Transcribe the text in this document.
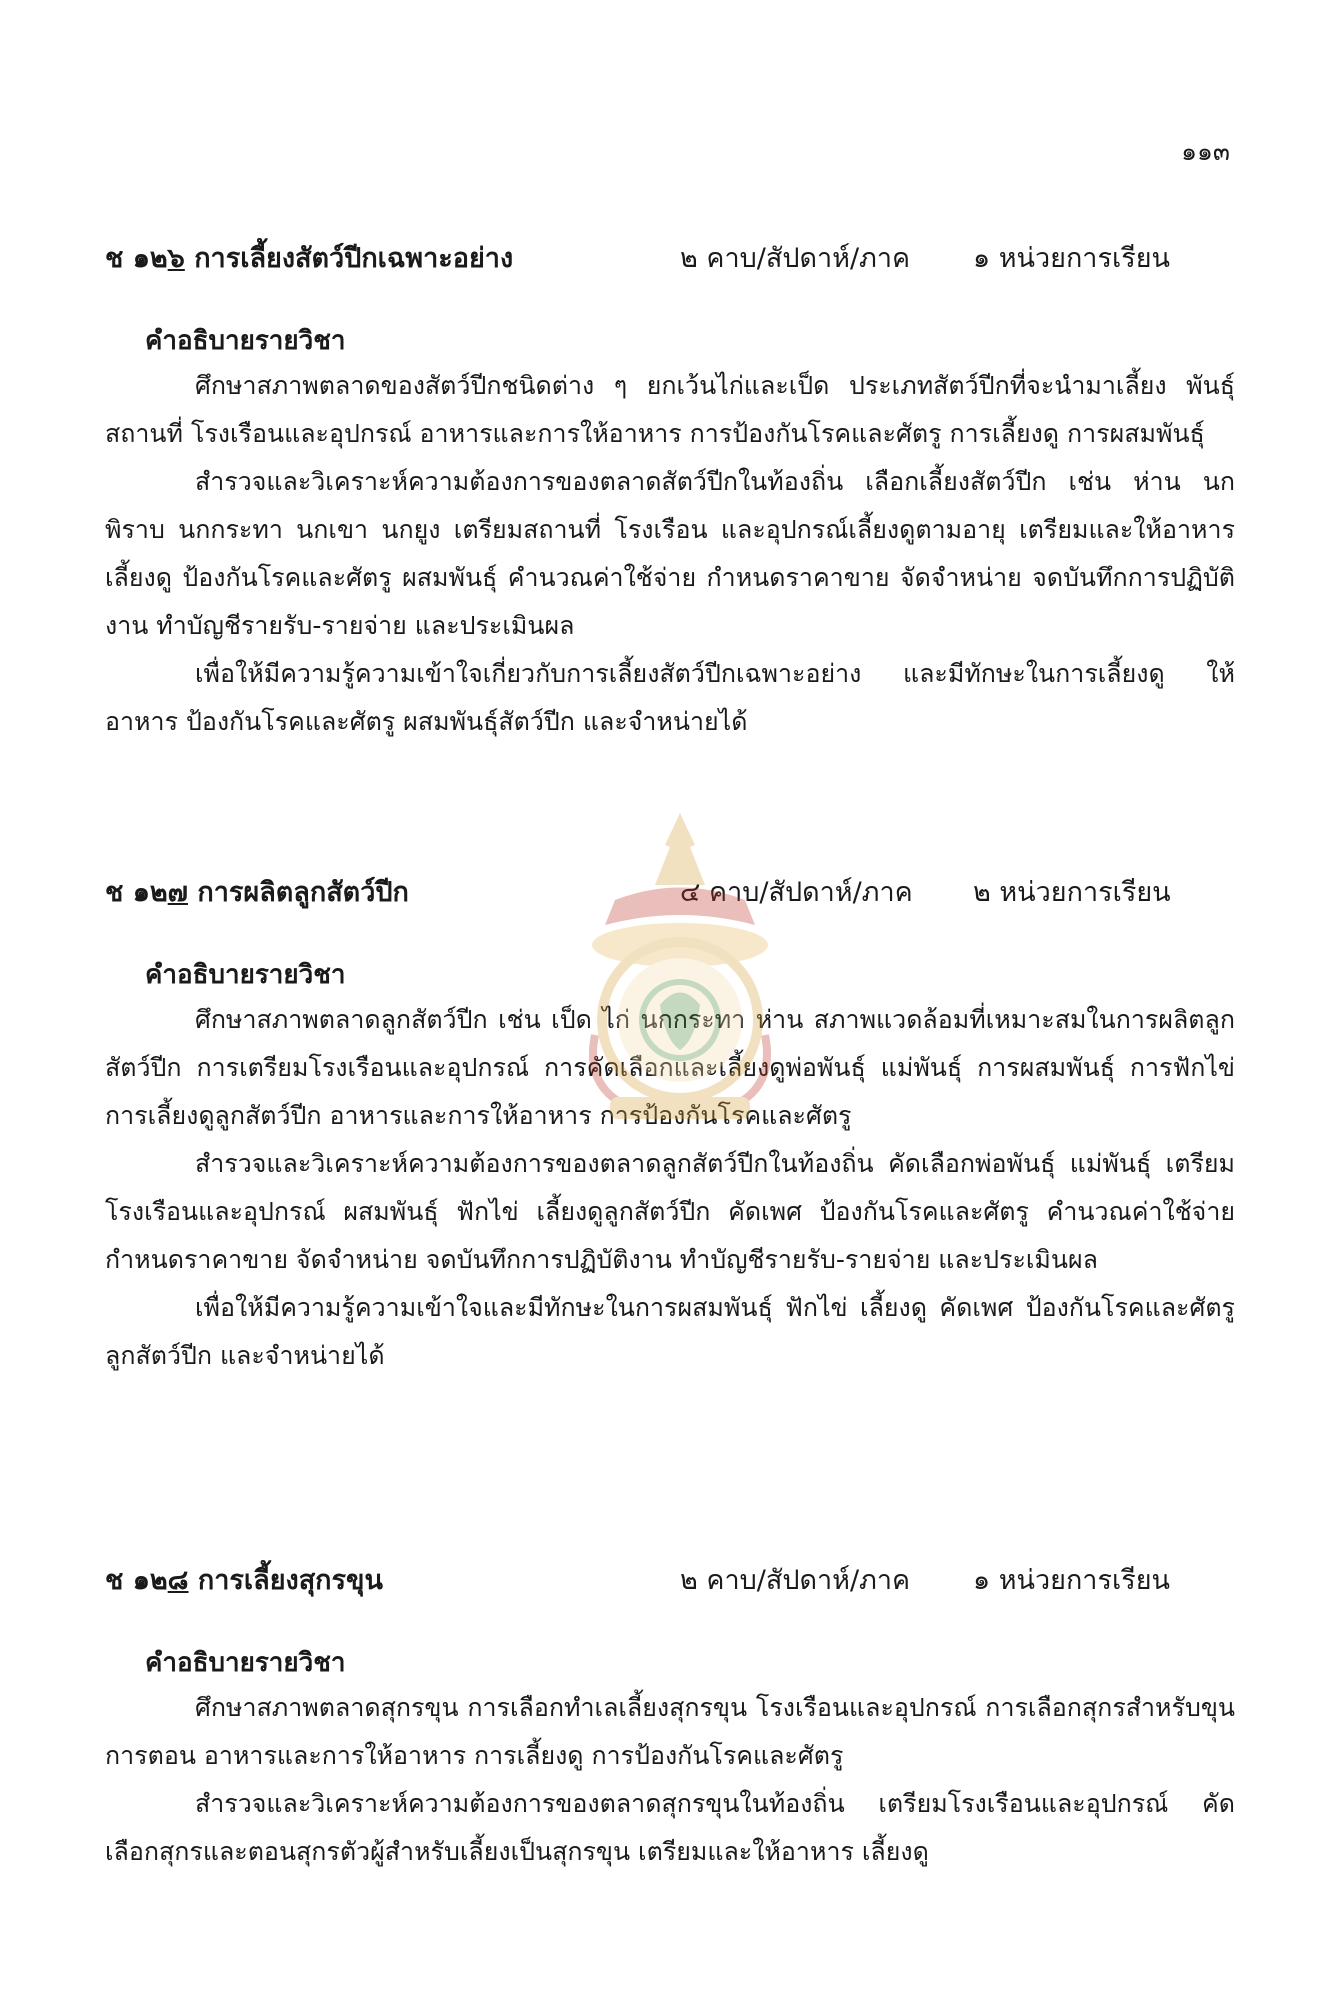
๑๑๓
ช ๑๒๖ การเลี้ยงสัตว์ปีกเฉพาะอย่าง	๒ คาบ/สัปดาห์/ภาค ๑ หน่วยการเรียน
คำอธิบายรายวิชา

ศึกษาสภาพตลาดของสัตว์ปีกชนิดต่าง ๆ ยกเว้นไก่และเป็ด ประเภทสัตว์ปีกที่จะนำมาเลี้ยง พันธุ์ สถานที่ โรงเรือนและอุปกรณ์ อาหารและการให้อาหาร การป้องกันโรคและศัตรู การเลี้ยงดู การผสมพันธุ์

สำรวจและวิเคราะห์ความต้องการของตลาดสัตว์ปีกในท้องถิ่น เลือกเลี้ยงสัตว์ปีก เช่น ห่าน นกพิราบ นกกระทา นกเขา นกยูง เตรียมสถานที่ โรงเรือน และอุปกรณ์เลี้ยงดูตามอายุ เตรียมและให้อาหาร เลี้ยงดู ป้องกันโรคและศัตรู ผสมพันธุ์ คำนวณค่าใช้จ่าย กำหนดราคาขาย จัดจำหน่าย จดบันทึกการปฏิบัติงาน ทำบัญชีรายรับ-รายจ่าย และประเมินผล

เพื่อให้มีความรู้ความเข้าใจเกี่ยวกับการเลี้ยงสัตว์ปีกเฉพาะอย่าง และมีทักษะในการเลี้ยงดู ให้อาหาร ป้องกันโรคและศัตรู ผสมพันธุ์สัตว์ปีก และจำหน่ายได้

ช ๑๒๗ การผลิตลูกสัตว์ปีก	๔ คาบ/สัปดาห์/ภาค ๒ หน่วยการเรียน
คำอธิบายรายวิชา

ศึกษาสภาพตลาดลูกสัตว์ปีก เช่น เป็ด ไก่ นกกระทา ห่าน สภาพแวดล้อมที่เหมาะสมในการผลิตลูกสัตว์ปีก การเตรียมโรงเรือนและอุปกรณ์ การคัดเลือกและเลี้ยงดูพ่อพันธุ์ แม่พันธุ์ การผสมพันธุ์ การฟักไข่ การเลี้ยงดูลูกสัตว์ปีก อาหารและการให้อาหาร การป้องกันโรคและศัตรู

สำรวจและวิเคราะห์ความต้องการของตลาดลูกสัตว์ปีกในท้องถิ่น คัดเลือกพ่อพันธุ์ แม่พันธุ์ เตรียมโรงเรือนและอุปกรณ์ ผสมพันธุ์ ฟักไข่ เลี้ยงดูลูกสัตว์ปีก คัดเพศ ป้องกันโรคและศัตรู คำนวณค่าใช้จ่าย กำหนดราคาขาย จัดจำหน่าย จดบันทึกการปฏิบัติงาน ทำบัญชีรายรับ-รายจ่าย และประเมินผล

เพื่อให้มีความรู้ความเข้าใจและมีทักษะในการผสมพันธุ์ ฟักไข่ เลี้ยงดู คัดเพศ ป้องกันโรคและศัตรูลูกสัตว์ปีก และจำหน่ายได้

ช ๑๒๘ การเลี้ยงสุกรขุน	๒ คาบ/สัปดาห์/ภาค ๑ หน่วยการเรียน
คำอธิบายรายวิชา

ศึกษาสภาพตลาดสุกรขุน การเลือกทำเลเลี้ยงสุกรขุน โรงเรือนและอุปกรณ์ การเลือกสุกรสำหรับขุน การตอน อาหารและการให้อาหาร การเลี้ยงดู การป้องกันโรคและศัตรู

สำรวจและวิเคราะห์ความต้องการของตลาดสุกรขุนในท้องถิ่น เตรียมโรงเรือนและอุปกรณ์ คัดเลือกสุกรและตอนสุกรตัวผู้สำหรับเลี้ยงเป็นสุกรขุน เตรียมและให้อาหาร เลี้ยงดู
